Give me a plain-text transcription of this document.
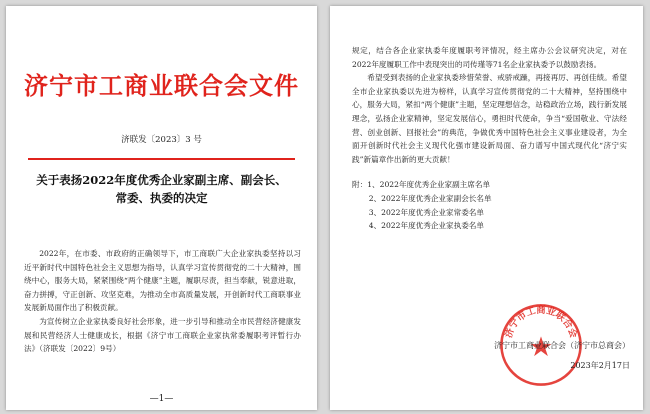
济宁市工商业联合会文件
济联发〔2023〕3 号
关于表扬2022年度优秀企业家副主席、副会长、
常委、执委的决定

2022年，在市委、市政府的正确领导下，市工商联广大企业家执委坚持以习近平新时代中国特色社会主义思想为指导，认真学习宣传贯彻党的二十大精神，围绕中心，服务大局，紧紧围绕“两个健康”主题，履职尽责，担当奉献，锐意进取，奋力拼搏，守正创新、攻坚克难，为推动全市高质量发展，开创新时代工商联事业发展新局面作出了积极贡献。

为宣传树立企业家执委良好社会形象，进一步引导和推动全市民营经济健康发展和民营经济人士健康成长，根据《济宁市工商联企业家执常委履职考评暂行办法》（济联发〔2022〕9号）

—1—

规定，结合各企业家执委年度履职考评情况，经主席办公会议研究决定，对在2022年度履职工作中表现突出的司传瑾等71名企业家执委予以鼓励表扬。

希望受到表扬的企业家执委珍惜荣誉、戒骄戒躁，再接再厉、再创佳绩。希望全市企业家执委以先进为榜样，认真学习宣传贯彻党的二十大精神，坚持围绕中心，服务大局，紧扣“两个健康”主题，坚定理想信念，站稳政治立场，践行新发展理念，弘扬企业家精神，坚定发展信心，勇担时代使命，争当“爱国敬业、守法经营、创业创新、回报社会”的典范，争做优秀中国特色社会主义事业建设者，为全面开创新时代社会主义现代化强市建设新局面、奋力谱写中国式现代化“济宁实践”新篇章作出新的更大贡献！

附：1、2022年度优秀企业家副主席名单

2、2022年度优秀企业家副会长名单

3、2022年度优秀企业家常委名单

4、2022年度优秀企业家执委名单

济宁市工商业联合会
济宁市工商业联合会（济宁市总商会）
2023年2月17日
